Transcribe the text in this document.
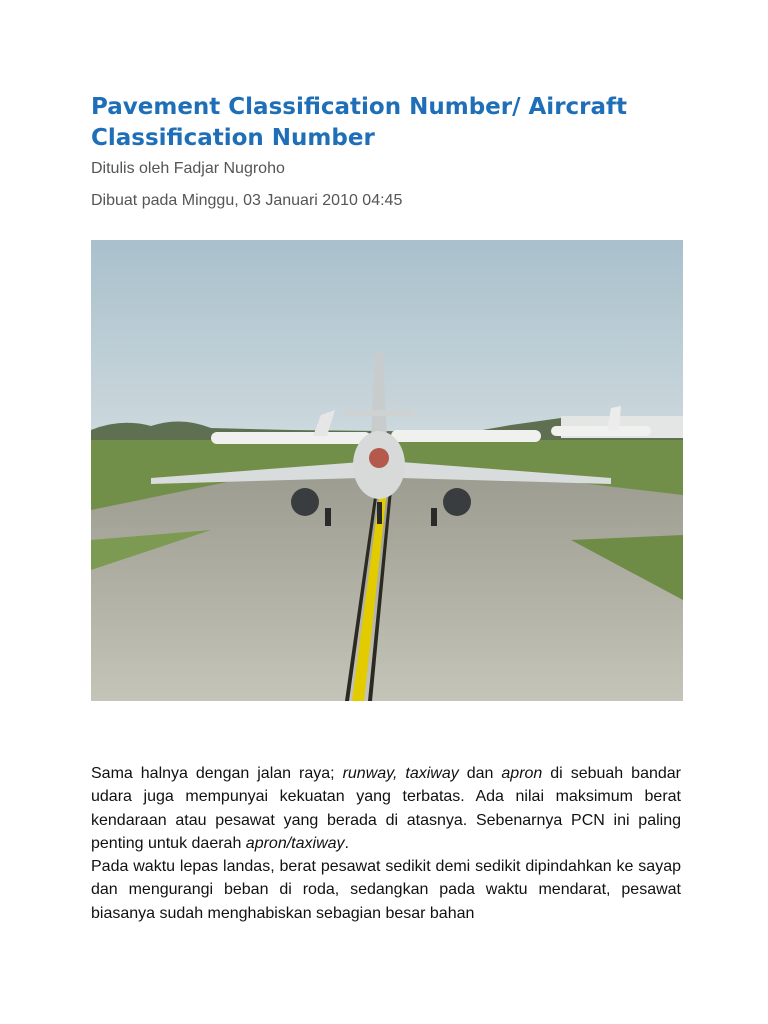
Pavement Classification Number/ Aircraft Classification Number

Ditulis oleh Fadjar Nugroho

Dibuat pada Minggu, 03 Januari 2010 04:45

Sama halnya dengan jalan raya; runway, taxiway dan apron di sebuah bandar udara juga mempunyai kekuatan yang terbatas. Ada nilai maksimum berat kendaraan atau pesawat yang berada di atasnya. Sebenarnya PCN ini paling penting untuk daerah apron/taxiway.

Pada waktu lepas landas, berat pesawat sedikit demi sedikit dipindahkan ke sayap dan mengurangi beban di roda, sedangkan pada waktu mendarat, pesawat biasanya sudah menghabiskan sebagian besar bahan
